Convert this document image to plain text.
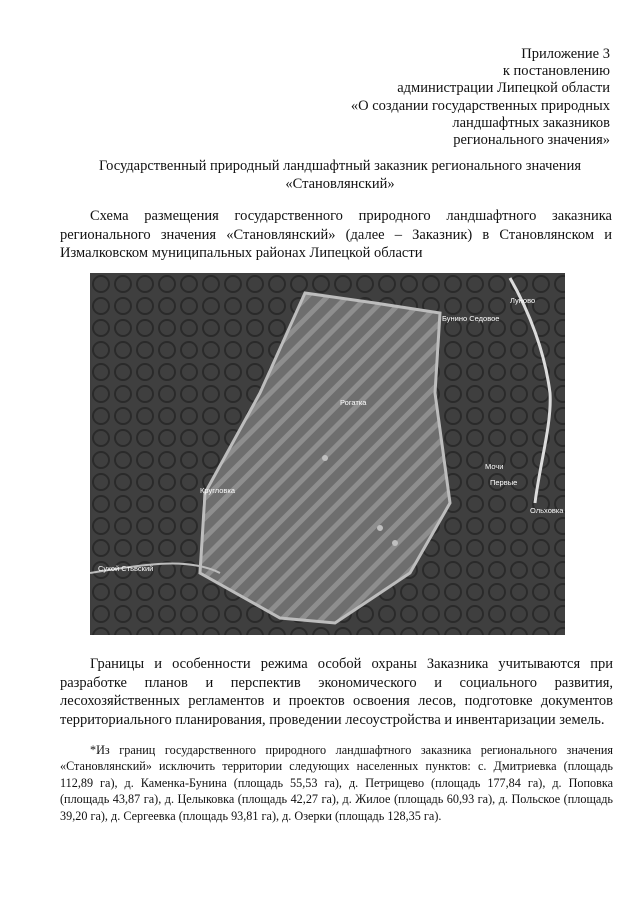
Приложение 3
к постановлению
администрации Липецкой области
«О создании государственных природных
ландшафтных заказников
регионального значения»
Государственный природный ландшафтный заказник регионального значения
«Становлянский»
Схема размещения государственного природного ландшафтного заказника регионального значения «Становлянский» (далее – Заказник) в Становлянском и Измалковском муниципальных районах Липецкой области
Бунино Седовое
Рогатка
Кругловка
Мочи
Сухой Стьвский
Первые
Луново
Ольховка
Границы и особенности режима особой охраны Заказника учитываются при разработке планов и перспектив экономического и социального развития, лесохозяйственных регламентов и проектов освоения лесов, подготовке документов территориального планирования, проведении лесоустройства и инвентаризации земель.
*Из границ государственного природного ландшафтного заказника регионального значения «Становлянский» исключить территории следующих населенных пунктов: с. Дмитриевка (площадь 112,89 га), д. Каменка-Бунина (площадь 55,53 га), д. Петрищево (площадь 177,84 га), д. Поповка (площадь 43,87 га), д. Целыковка (площадь 42,27 га), д. Жилое (площадь 60,93 га), д. Польское (площадь 39,20 га), д. Сергеевка (площадь 93,81 га), д. Озерки (площадь 128,35 га).
